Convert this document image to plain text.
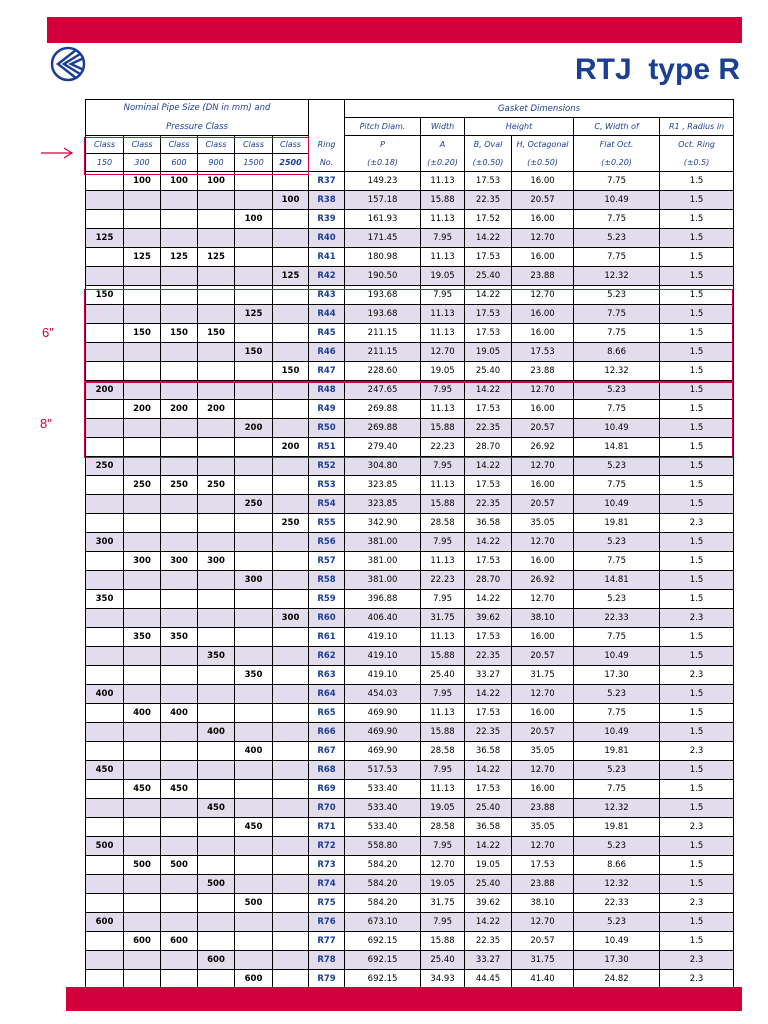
RTJ  type R
6"
8"
Nominal Pipe Size (DN in mm) and
Pressure Class							Gasket Dimensions					
							Pitch Diam.	Width	Height		C, Width of	R1 , Radius in
Class	Class	Class	Class	Class	Class	Ring	P	A	B, Oval	H, Octagonal	Flat Oct.	Oct. Ring
150	300	600	900	1500	2500	No.	(±0.18)	(±0.20)	(±0.50)	(±0.50)	(±0.20)	(±0.5)
	100	100	100			R37	149.23	11.13	17.53	16.00	7.75	1.5
					100	R38	157.18	15.88	22.35	20.57	10.49	1.5
				100		R39	161.93	11.13	17.52	16.00	7.75	1.5
125						R40	171.45	7.95	14.22	12.70	5.23	1.5
	125	125	125			R41	180.98	11.13	17.53	16.00	7.75	1.5
					125	R42	190.50	19.05	25.40	23.88	12.32	1.5
150						R43	193.68	7.95	14.22	12.70	5.23	1.5
				125		R44	193.68	11.13	17.53	16.00	7.75	1.5
	150	150	150			R45	211.15	11.13	17.53	16.00	7.75	1.5
				150		R46	211.15	12.70	19.05	17.53	8.66	1.5
					150	R47	228.60	19.05	25.40	23.88	12.32	1.5
200						R48	247.65	7.95	14.22	12.70	5.23	1.5
	200	200	200			R49	269.88	11.13	17.53	16.00	7.75	1.5
				200		R50	269.88	15.88	22.35	20.57	10.49	1.5
					200	R51	279.40	22.23	28.70	26.92	14.81	1.5
250						R52	304.80	7.95	14.22	12.70	5.23	1.5
	250	250	250			R53	323.85	11.13	17.53	16.00	7.75	1.5
				250		R54	323.85	15.88	22.35	20.57	10.49	1.5
					250	R55	342.90	28.58	36.58	35.05	19.81	2.3
300						R56	381.00	7.95	14.22	12.70	5.23	1.5
	300	300	300			R57	381.00	11.13	17.53	16.00	7.75	1.5
				300		R58	381.00	22.23	28.70	26.92	14.81	1.5
350						R59	396.88	7.95	14.22	12.70	5.23	1.5
					300	R60	406.40	31.75	39.62	38.10	22.33	2.3
	350	350				R61	419.10	11.13	17.53	16.00	7.75	1.5
			350			R62	419.10	15.88	22.35	20.57	10.49	1.5
				350		R63	419.10	25.40	33.27	31.75	17.30	2.3
400						R64	454.03	7.95	14.22	12.70	5.23	1.5
	400	400				R65	469.90	11.13	17.53	16.00	7.75	1.5
			400			R66	469.90	15.88	22.35	20.57	10.49	1.5
				400		R67	469.90	28.58	36.58	35.05	19.81	2.3
450						R68	517.53	7.95	14.22	12.70	5.23	1.5
	450	450				R69	533.40	11.13	17.53	16.00	7.75	1.5
			450			R70	533.40	19.05	25.40	23.88	12.32	1.5
				450		R71	533.40	28.58	36.58	35.05	19.81	2.3
500						R72	558.80	7.95	14.22	12.70	5.23	1.5
	500	500				R73	584.20	12.70	19.05	17.53	8.66	1.5
			500			R74	584.20	19.05	25.40	23.88	12.32	1.5
				500		R75	584.20	31.75	39.62	38.10	22.33	2.3
600						R76	673.10	7.95	14.22	12.70	5.23	1.5
	600	600				R77	692.15	15.88	22.35	20.57	10.49	1.5
			600			R78	692.15	25.40	33.27	31.75	17.30	2.3
				600		R79	692.15	34.93	44.45	41.40	24.82	2.3
